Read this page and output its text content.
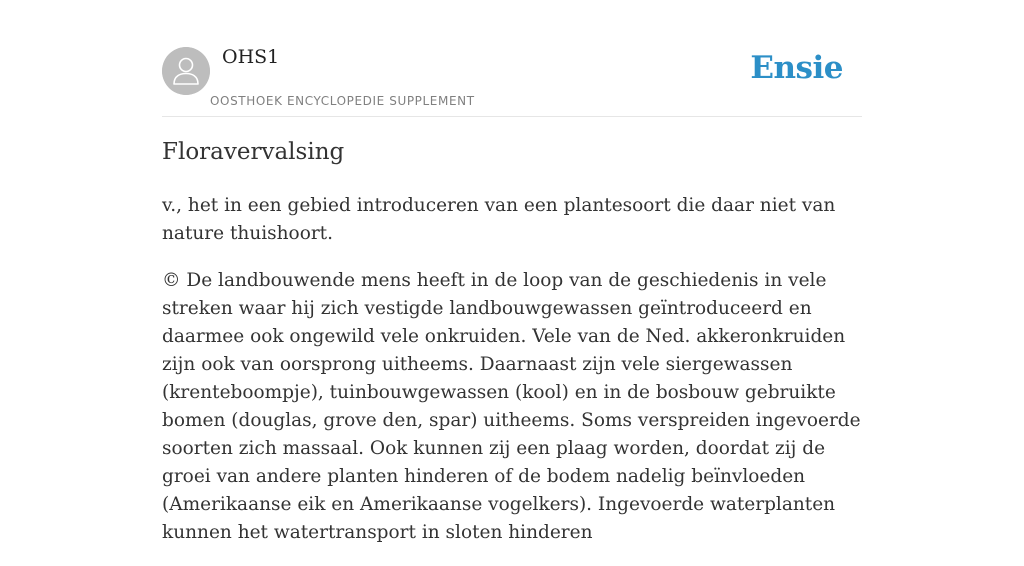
OHS1
OOSTHOEK ENCYCLOPEDIE SUPPLEMENT
Ensie
Floravervalsing

v., het in een gebied introduceren van een plantesoort die daar niet van nature thuishoort.

© De landbouwende mens heeft in de loop van de geschiedenis in vele streken waar hij zich vestigde landbouwgewassen geïntroduceerd en daarmee ook ongewild vele onkruiden. Vele van de Ned. akkeronkruiden zijn ook van oorsprong uitheems. Daarnaast zijn vele siergewassen (krenteboompje), tuinbouwgewassen (kool) en in de bosbouw gebruikte bomen (douglas, grove den, spar) uitheems. Soms verspreiden ingevoerde soorten zich massaal. Ook kunnen zij een plaag worden, doordat zij de groei van andere planten hinderen of de bodem nadelig beïnvloeden (Amerikaanse eik en Amerikaanse vogelkers). Ingevoerde waterplanten kunnen het watertransport in sloten hinderen
